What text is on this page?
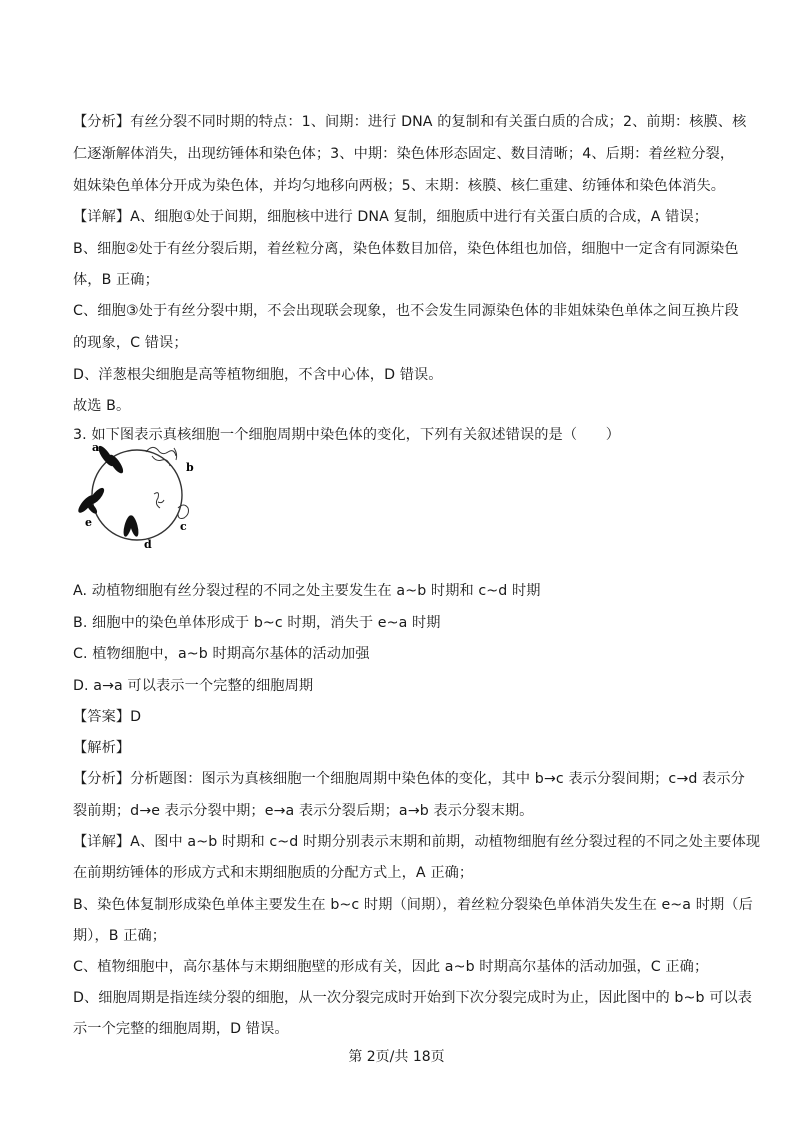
【分析】有丝分裂不同时期的特点：1、间期：进行 DNA 的复制和有关蛋白质的合成；2、前期：核膜、核
仁逐渐解体消失，出现纺锤体和染色体；3、中期：染色体形态固定、数目清晰；4、后期：着丝粒分裂，
姐妹染色单体分开成为染色体，并均匀地移向两极；5、末期：核膜、核仁重建、纺锤体和染色体消失。
【详解】A、细胞①处于间期，细胞核中进行 DNA 复制，细胞质中进行有关蛋白质的合成，A 错误；
B、细胞②处于有丝分裂后期，着丝粒分离，染色体数目加倍，染色体组也加倍，细胞中一定含有同源染色
体，B 正确；
C、细胞③处于有丝分裂中期，不会出现联会现象，也不会发生同源染色体的非姐妹染色单体之间互换片段
的现象，C 错误；
D、洋葱根尖细胞是高等植物细胞，不含中心体，D 错误。
故选 B。
3. 如下图表示真核细胞一个细胞周期中染色体的变化，下列有关叙述错误的是（　　）
a
b
c
d
e
A. 动植物细胞有丝分裂过程的不同之处主要发生在 a~b 时期和 c~d 时期
B. 细胞中的染色单体形成于 b~c 时期，消失于 e~a 时期
C. 植物细胞中，a~b 时期高尔基体的活动加强
D. a→a 可以表示一个完整的细胞周期
【答案】D
【解析】
【分析】分析题图：图示为真核细胞一个细胞周期中染色体的变化，其中 b→c 表示分裂间期；c→d 表示分
裂前期；d→e 表示分裂中期；e→a 表示分裂后期；a→b 表示分裂末期。
【详解】A、图中 a~b 时期和 c~d 时期分别表示末期和前期，动植物细胞有丝分裂过程的不同之处主要体现
在前期纺锤体的形成方式和末期细胞质的分配方式上，A 正确；
B、染色体复制形成染色单体主要发生在 b~c 时期（间期），着丝粒分裂染色单体消失发生在 e~a 时期（后
期），B 正确；
C、植物细胞中，高尔基体与末期细胞壁的形成有关，因此 a~b 时期高尔基体的活动加强，C 正确；
D、细胞周期是指连续分裂的细胞，从一次分裂完成时开始到下次分裂完成时为止，因此图中的 b~b 可以表
示一个完整的细胞周期，D 错误。
第 2页/共 18页
